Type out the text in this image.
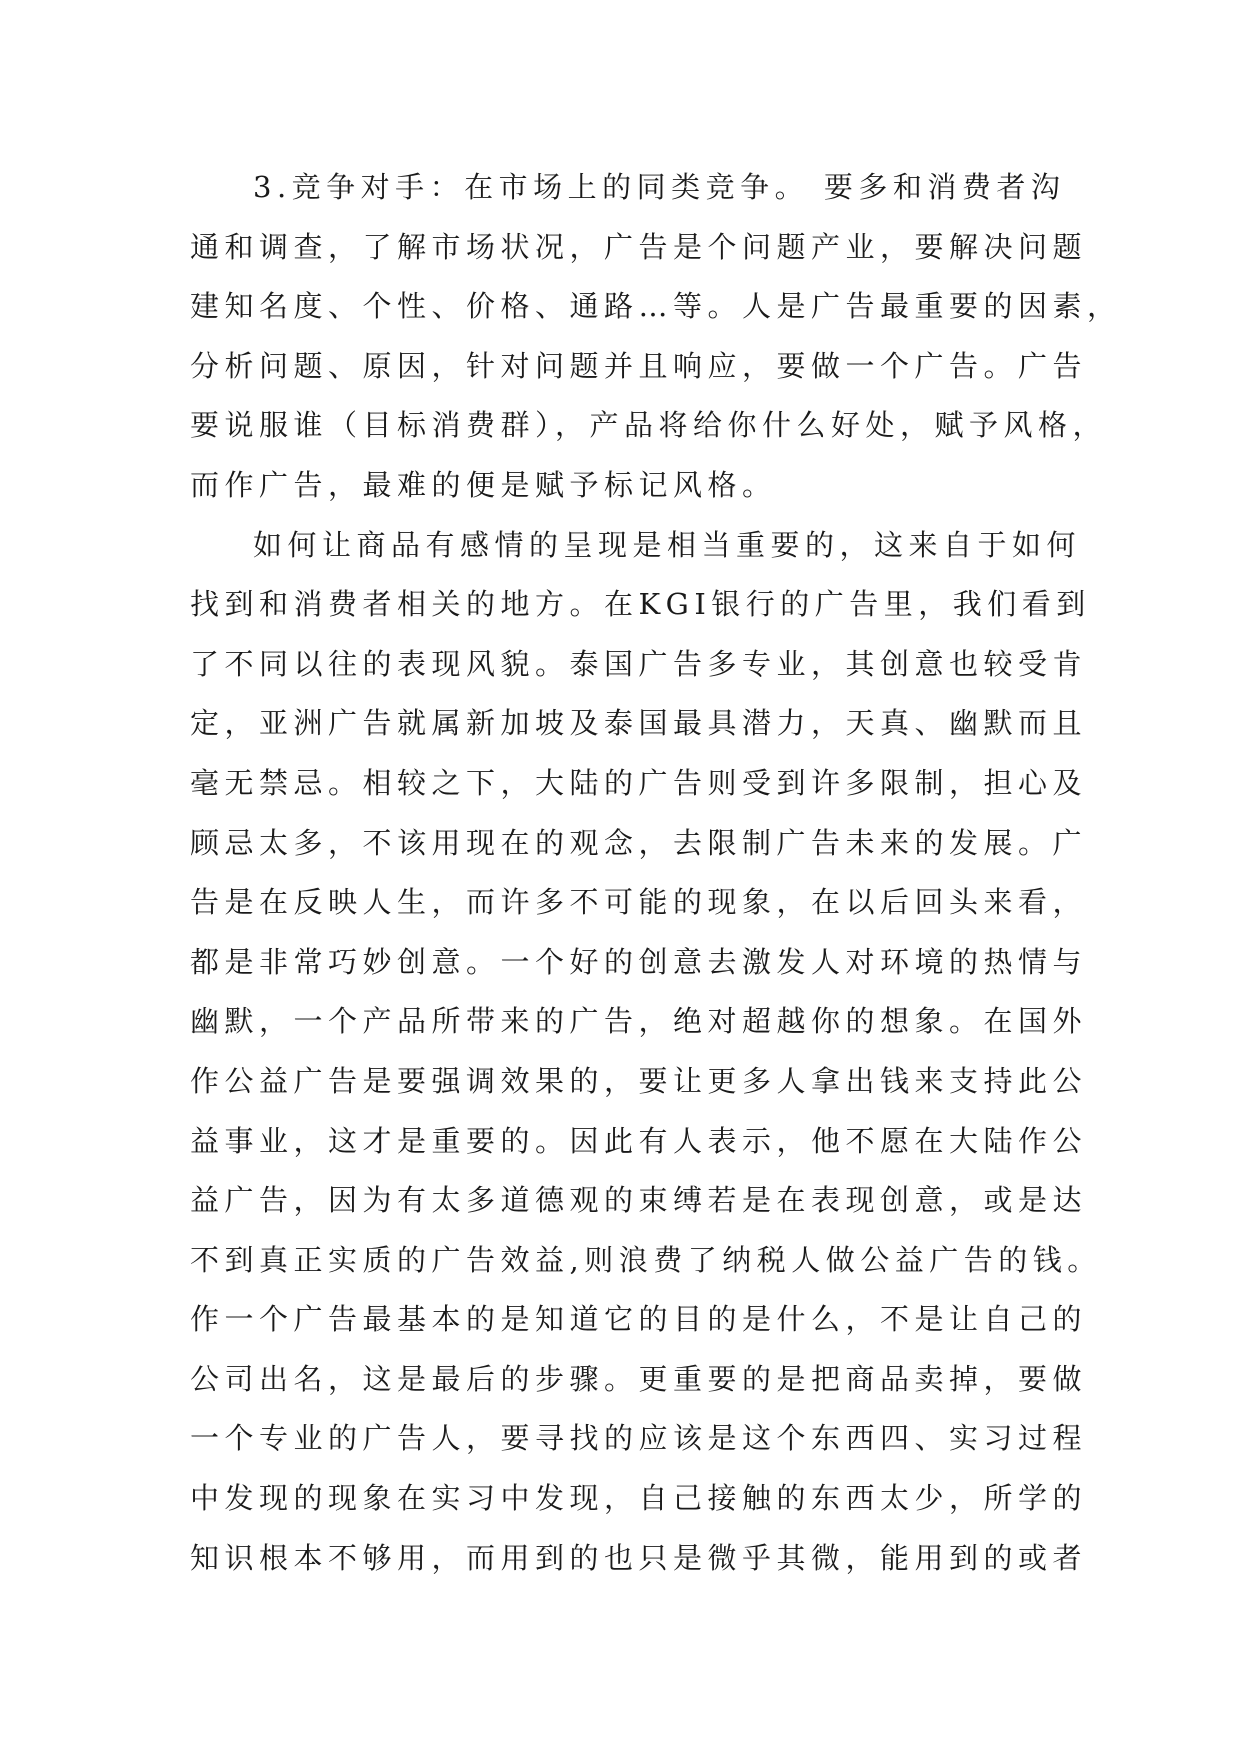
3.竞争对手：在市场上的同类竞争。 要多和消费者沟
通和调查，了解市场状况，广告是个问题产业，要解决问题
建知名度、个性、价格、通路…等。人是广告最重要的因素，
分析问题、原因，针对问题并且响应，要做一个广告。广告
要说服谁（目标消费群），产品将给你什么好处，赋予风格，
而作广告，最难的便是赋予标记风格。
如何让商品有感情的呈现是相当重要的，这来自于如何
找到和消费者相关的地方。在KGI银行的广告里，我们看到
了不同以往的表现风貌。泰国广告多专业，其创意也较受肯
定，亚洲广告就属新加坡及泰国最具潜力，天真、幽默而且
毫无禁忌。相较之下，大陆的广告则受到许多限制，担心及
顾忌太多，不该用现在的观念，去限制广告未来的发展。广
告是在反映人生，而许多不可能的现象，在以后回头来看，
都是非常巧妙创意。一个好的创意去激发人对环境的热情与
幽默，一个产品所带来的广告，绝对超越你的想象。在国外
作公益广告是要强调效果的，要让更多人拿出钱来支持此公
益事业，这才是重要的。因此有人表示，他不愿在大陆作公
益广告，因为有太多道德观的束缚若是在表现创意，或是达
不到真正实质的广告效益,则浪费了纳税人做公益广告的钱。
作一个广告最基本的是知道它的目的是什么，不是让自己的
公司出名，这是最后的步骤。更重要的是把商品卖掉，要做
一个专业的广告人，要寻找的应该是这个东西四、实习过程
中发现的现象在实习中发现，自己接触的东西太少，所学的
知识根本不够用，而用到的也只是微乎其微，能用到的或者
